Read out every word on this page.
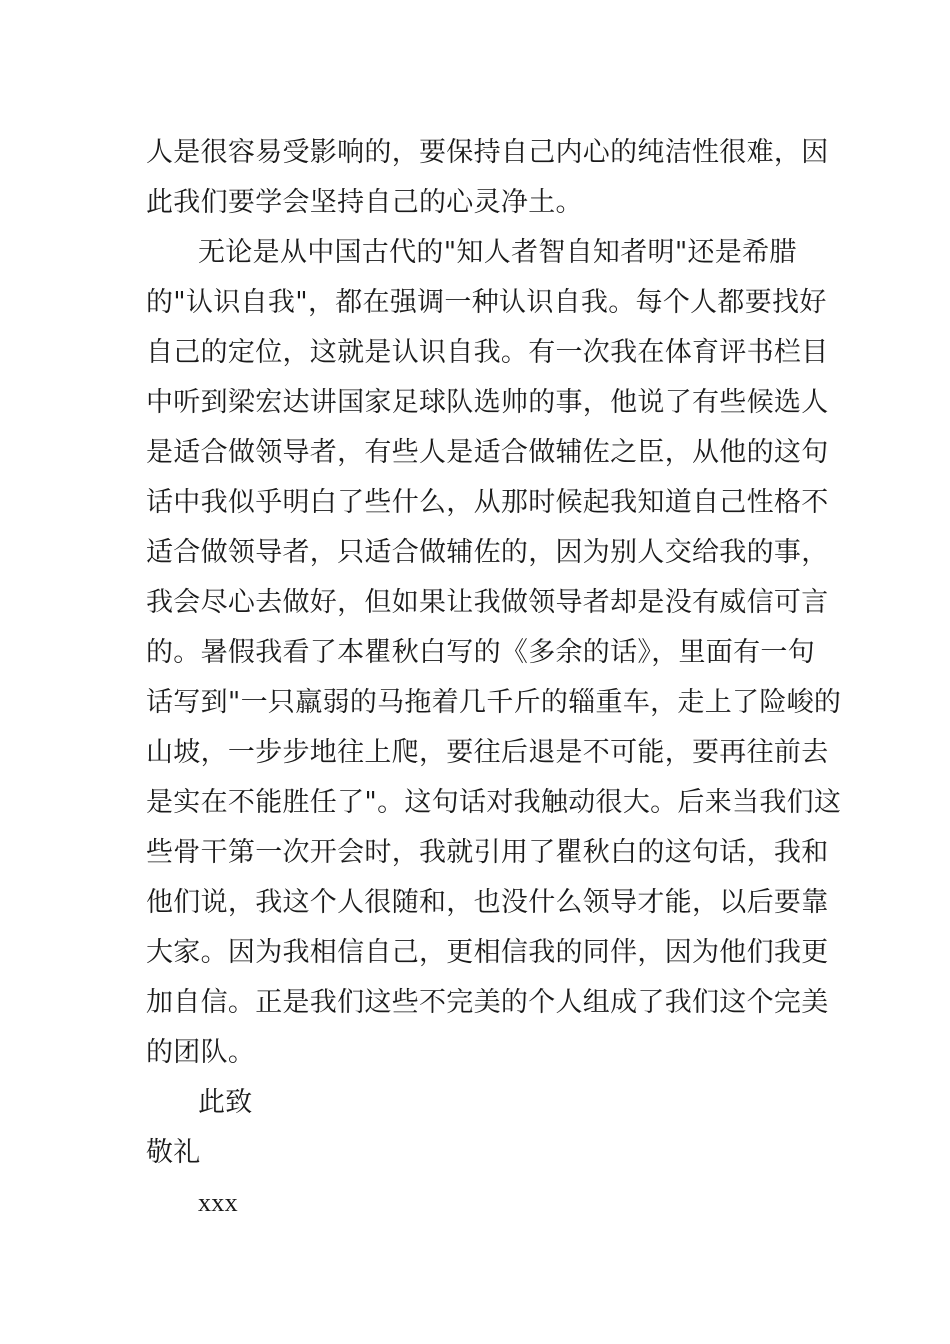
人是很容易受影响的，要保持自己内心的纯洁性很难，因
此我们要学会坚持自己的心灵净土。
无论是从中国古代的"知人者智自知者明"还是希腊
的"认识自我"，都在强调一种认识自我。每个人都要找好
自己的定位，这就是认识自我。有一次我在体育评书栏目
中听到梁宏达讲国家足球队选帅的事，他说了有些候选人
是适合做领导者，有些人是适合做辅佐之臣，从他的这句
话中我似乎明白了些什么，从那时候起我知道自己性格不
适合做领导者，只适合做辅佐的，因为别人交给我的事，
我会尽心去做好，但如果让我做领导者却是没有威信可言
的。暑假我看了本瞿秋白写的《多余的话》，里面有一句
话写到"一只羸弱的马拖着几千斤的辎重车，走上了险峻的
山坡，一步步地往上爬，要往后退是不可能，要再往前去
是实在不能胜任了"。这句话对我触动很大。后来当我们这
些骨干第一次开会时，我就引用了瞿秋白的这句话，我和
他们说，我这个人很随和，也没什么领导才能，以后要靠
大家。因为我相信自己，更相信我的同伴，因为他们我更
加自信。正是我们这些不完美的个人组成了我们这个完美
的团队。
此致
敬礼
xxx
